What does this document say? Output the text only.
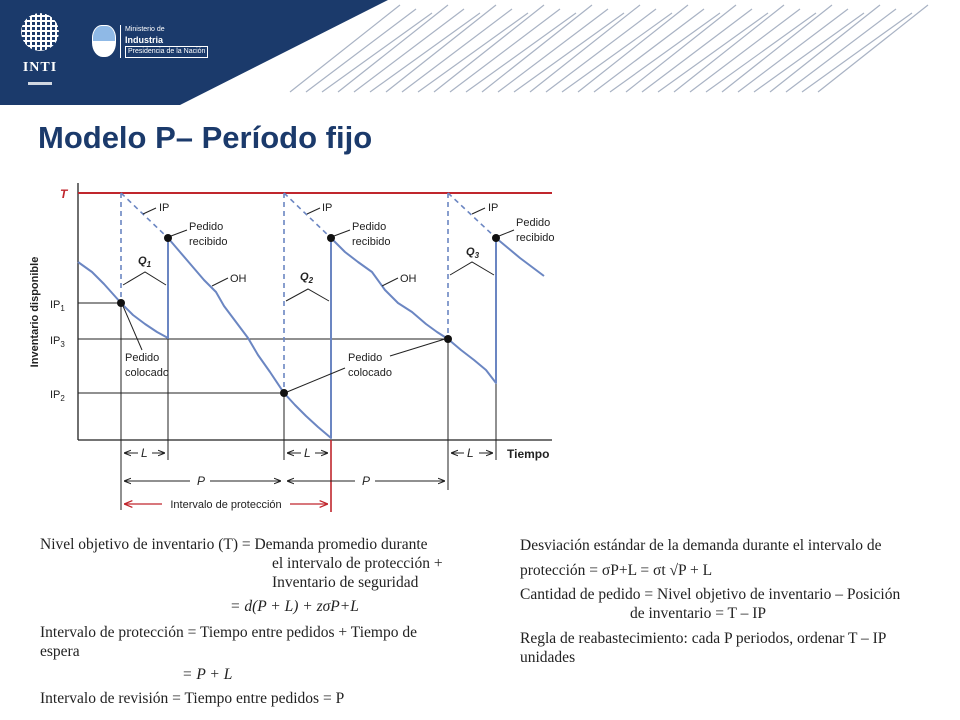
INTI
Ministerio de
Industria
Presidencia de la Nación
Modelo P– Período fijo
Inventario disponible
Tiempo
T
$IP_1$
$IP_3$
$IP_2$
$Q_1$
$Q_2$
$Q_3$
IP	IP	IP
Pedido recibido
Pedido recibido
Pedido recibido
OH	OH
Pedido colocado
Pedido colocado
L	L	L
P	P
Intervalo de protección

Nivel objetivo de inventario (T) = Demanda promedio durante

el intervalo de protección +

Inventario de seguridad

= d(P + L) + zσP+L

Intervalo de protección = Tiempo entre pedidos + Tiempo de

espera

= P + L

Intervalo de revisión = Tiempo entre pedidos = P

Desviación estándar de la demanda durante el intervalo de

protección = σP+L = σt √P + L

Cantidad de pedido = Nivel objetivo de inventario – Posición

de inventario = T – IP

Regla de reabastecimiento: cada P periodos, ordenar T – IP

unidades
